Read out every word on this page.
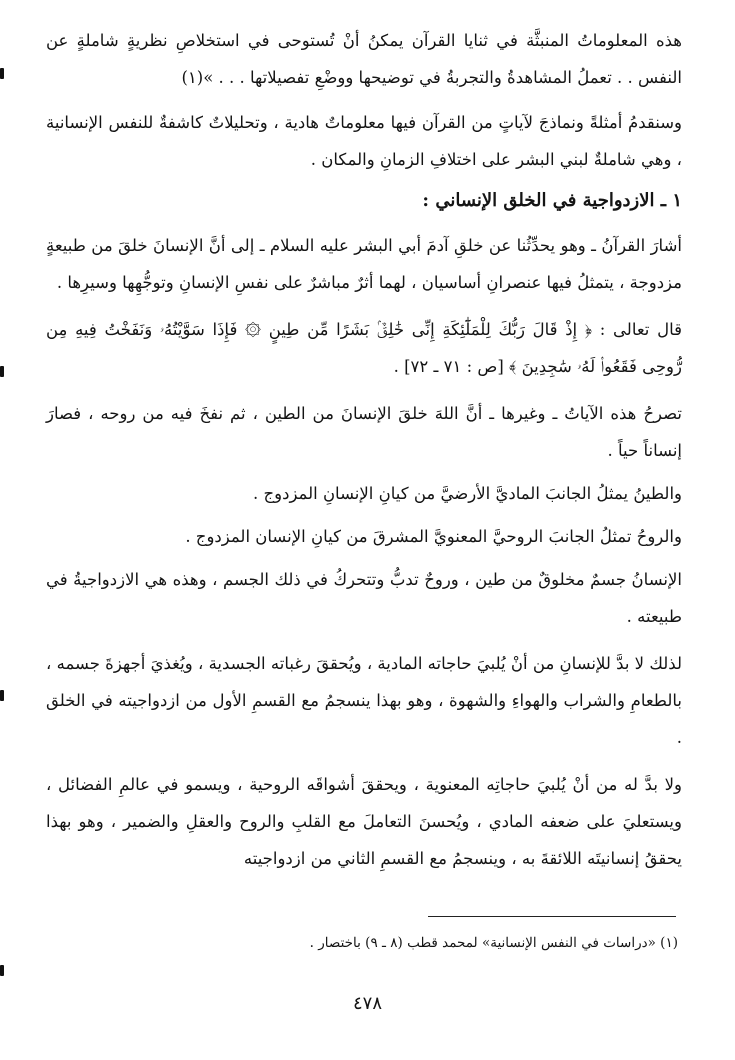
هذه المعلوماتُ المنبثَّة في ثنايا القرآن يمكنُ أنْ تُستوحى في استخلاصِ نظريةٍ شاملةٍ عن النفس . . تعملُ المشاهدةُ والتجربةُ في توضيحها ووضْعِ تفصيلاتها . . . »(١)

وسنقدمُ أمثلةً ونماذجَ لآياتٍ من القرآن فيها معلوماتٌ هادية ، وتحليلاتٌ كاشفةٌ للنفس الإنسانية ، وهي شاملةٌ لبني البشر على اختلافِ الزمانِ والمكان .

١ ـ الازدواجية في الخلق الإنساني :

أشارَ القرآنُ ـ وهو يحدِّثُنا عن خلقِ آدمَ أبي البشر عليه السلام ـ إلى أنَّ الإنسانَ خلقَ من طبيعةٍ مزدوجة ، يتمثلُ فيها عنصرانِ أساسيان ، لهما أثرٌ مباشرٌ على نفسِ الإنسانِ وتوجُّهِها وسيرِها .

قال تعالى : ﴿ إِذْ قَالَ رَبُّكَ لِلْمَلَٰٓئِكَةِ إِنِّى خَٰلِقٌۢ بَشَرًا مِّن طِينٍ ۞ فَإِذَا سَوَّيْتُهُۥ وَنَفَخْتُ فِيهِ مِن رُّوحِى فَقَعُوا۟ لَهُۥ سَٰجِدِينَ ﴾ [ص : ٧١ ـ ٧٢] .

تصرحُ هذه الآياتُ ـ وغيرها ـ أنَّ اللهَ خلقَ الإنسانَ من الطين ، ثم نفخَ فيه من روحه ، فصارَ إنساناً حياً .

والطينُ يمثلُ الجانبَ الماديَّ الأرضيَّ من كيانِ الإنسانِ المزدوج .

والروحُ تمثلُ الجانبَ الروحيَّ المعنويَّ المشرقَ من كيانِ الإنسان المزدوج .

الإنسانُ جسمٌ مخلوقٌ من طين ، وروحٌ تدبُّ وتتحركُ في ذلك الجسم ، وهذه هي الازدواجيةُ في طبيعته .

لذلك لا بدَّ للإنسانِ من أنْ يُلبيَ حاجاته المادية ، ويُحققَ رغباته الجسدية ، ويُغذيَ أجهزةَ جسمه ، بالطعامِ والشراب والهواءِ والشهوة ، وهو بهذا ينسجمُ مع القسمِ الأول من ازدواجيته في الخلق .

ولا بدَّ له من أنْ يُلبيَ حاجاتِه المعنوية ، ويحققَ أشواقَه الروحية ، ويسمو في عالمِ الفضائل ، ويستعليَ على ضعفه المادي ، ويُحسنَ التعاملَ مع القلبِ والروح والعقلِ والضمير ، وهو بهذا يحققُ إنسانيتَه اللائقةَ به ، وينسجمُ مع القسمِ الثاني من ازدواجيته

(١) «دراسات في النفس الإنسانية» لمحمد قطب (٨ ـ ٩) باختصار .

٤٧٨
